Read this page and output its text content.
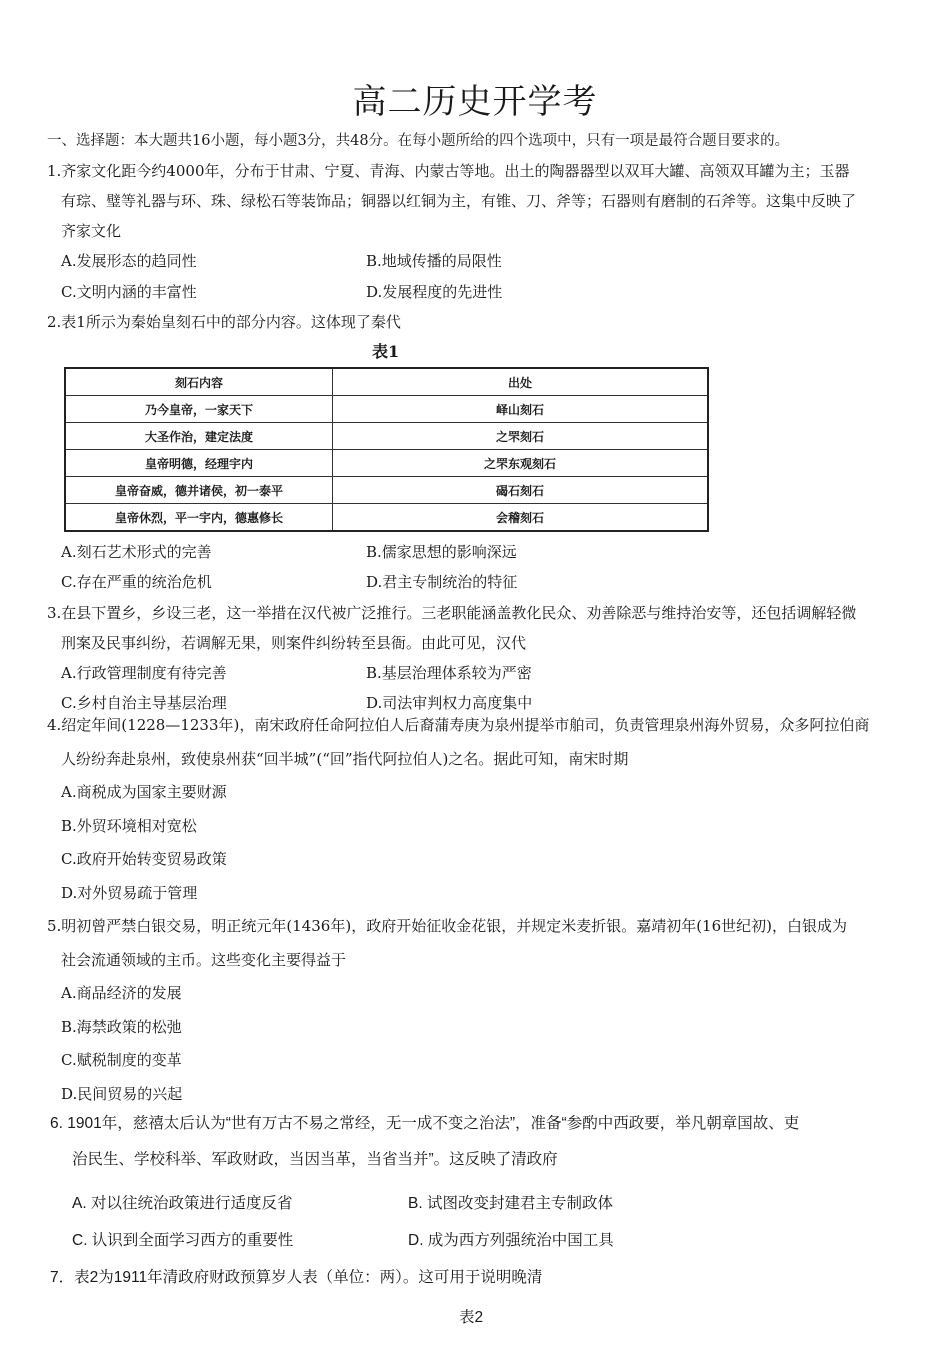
高二历史开学考
一、选择题：本大题共16小题，每小题3分，共48分。在每小题所给的四个选项中，只有一项是最符合题目要求的。
1.齐家文化距今约4000年，分布于甘肃、宁夏、青海、内蒙古等地。出土的陶器器型以双耳大罐、高领双耳罐为主；玉器
有琮、璧等礼器与环、珠、绿松石等装饰品；铜器以红铜为主，有锥、刀、斧等；石器则有磨制的石斧等。这集中反映了
齐家文化
A.发展形态的趋同性	B.地域传播的局限性
C.文明内涵的丰富性	D.发展程度的先进性
2.表1所示为秦始皇刻石中的部分内容。这体现了秦代
表1
刻石内容	出处
乃今皇帝，一家天下	峄山刻石
大圣作治，建定法度	之罘刻石
皇帝明德，经理宇内	之罘东观刻石
皇帝奋威，德并诸侯，初一泰平	碣石刻石
皇帝休烈，平一宇内，德惠修长	会稽刻石
A.刻石艺术形式的完善	B.儒家思想的影响深远
C.存在严重的统治危机	D.君主专制统治的特征
3.在县下置乡，乡设三老，这一举措在汉代被广泛推行。三老职能涵盖教化民众、劝善除恶与维持治安等，还包括调解轻微
刑案及民事纠纷，若调解无果，则案件纠纷转至县衙。由此可见，汉代
A.行政管理制度有待完善	B.基层治理体系较为严密
C.乡村自治主导基层治理	D.司法审判权力高度集中
4.绍定年间(1228—1233年)，南宋政府任命阿拉伯人后裔蒲寿庚为泉州提举市舶司，负责管理泉州海外贸易，众多阿拉伯商
人纷纷奔赴泉州，致使泉州获“回半城”(“回”指代阿拉伯人)之名。据此可知，南宋时期
A.商税成为国家主要财源
B.外贸环境相对宽松
C.政府开始转变贸易政策
D.对外贸易疏于管理
5.明初曾严禁白银交易，明正统元年(1436年)，政府开始征收金花银，并规定米麦折银。嘉靖初年(16世纪初)，白银成为
社会流通领域的主币。这些变化主要得益于
A.商品经济的发展
B.海禁政策的松弛
C.赋税制度的变革
D.民间贸易的兴起
6. 1901年，慈禧太后认为“世有万古不易之常经，无一成不变之治法”，准备“参酌中西政要，举凡朝章国故、吏
治民生、学校科举、军政财政，当因当革，当省当并”。这反映了清政府
A. 对以往统治政策进行适度反省	B. 试图改变封建君主专制政体
C. 认识到全面学习西方的重要性	D. 成为西方列强统治中国工具
7．表2为1911年清政府财政预算岁人表（单位：两）。这可用于说明晚清
表2
